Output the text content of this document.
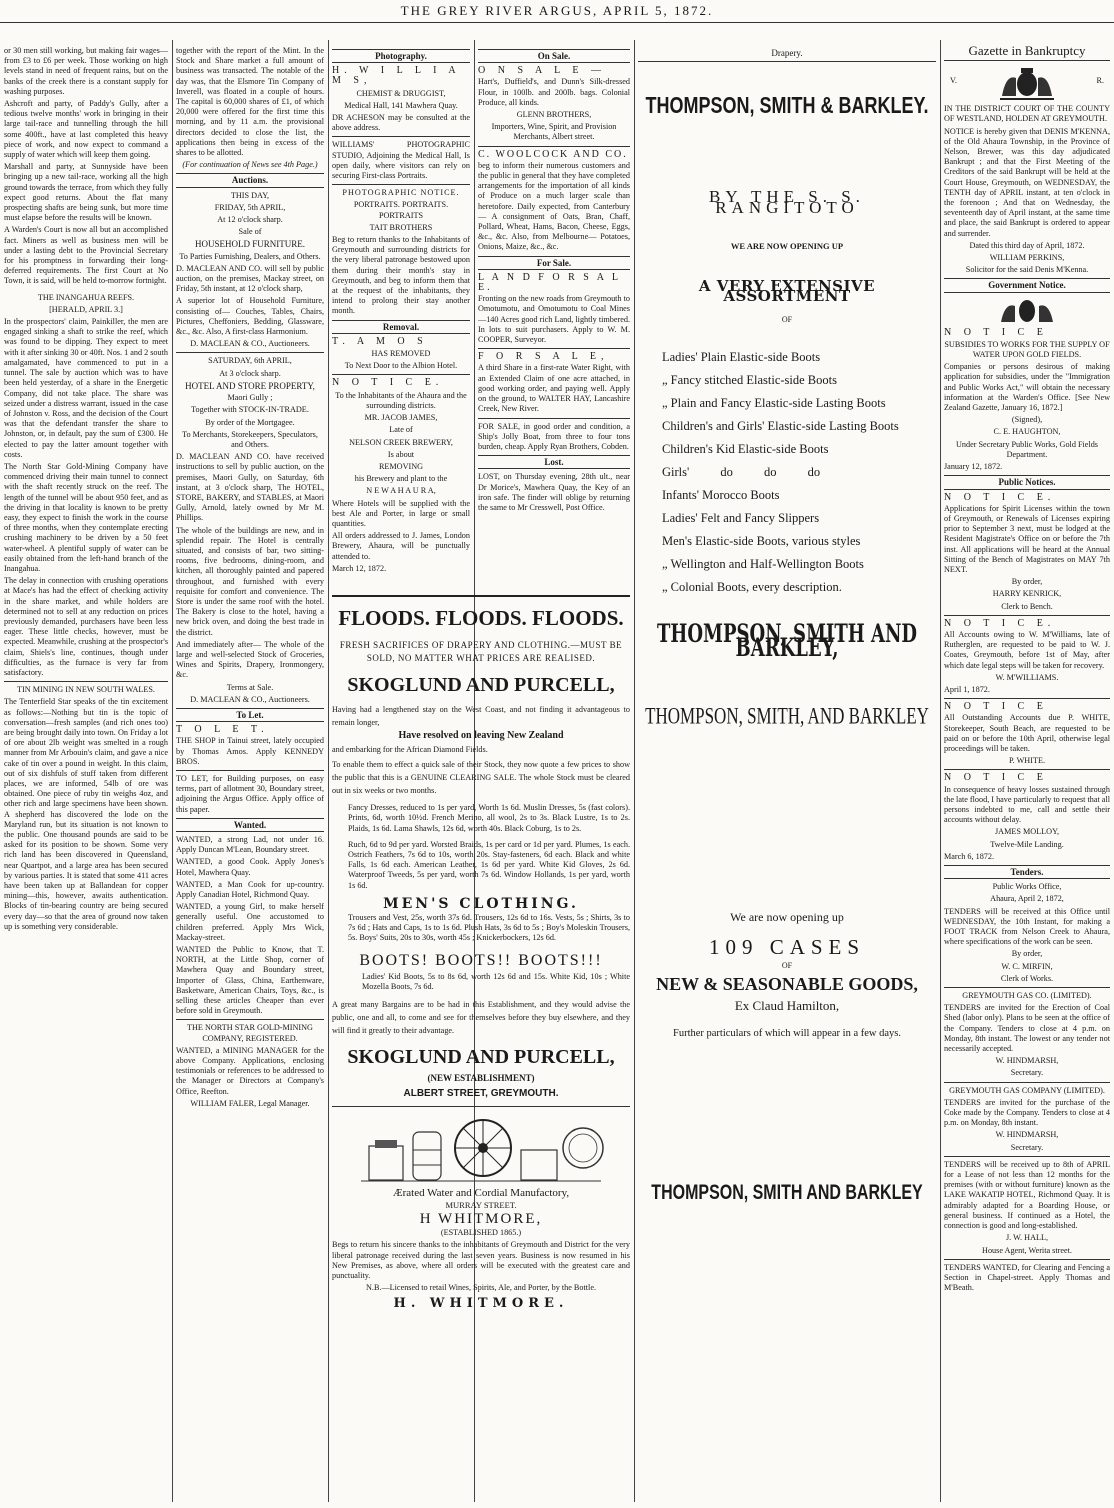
THE GREY RIVER ARGUS, APRIL 5, 1872.

or 30 men still working, but making fair wages—from £3 to £6 per week. Those working on high levels stand in need of frequent rains, but on the banks of the creek there is a constant supply for washing purposes.

Ashcroft and party, of Paddy's Gully, after a tedious twelve months' work in bringing in their large tail-race and tunnelling through the hill some 400ft., have at last completed this heavy piece of work, and now expect to command a supply of water which will keep them going.

Marshall and party, at Sunnyside have been bringing up a new tail-race, working all the high ground towards the terrace, from which they fully expect good returns. About the flat many prospecting shafts are being sunk, but more time must elapse before the results will be known.

A Warden's Court is now all but an accomplished fact. Miners as well as business men will be under a lasting debt to the Provincial Secretary for his promptness in forwarding their long-deferred requirements. The first Court at No Town, it is said, will be held to-morrow fortnight.

THE INANGAHUA REEFS.
[HERALD, APRIL 3.]

In the prospectors' claim, Painkiller, the men are engaged sinking a shaft to strike the reef, which was found to be dipping. They expect to meet with it after sinking 30 or 40ft. Nos. 1 and 2 south amalgamated, have commenced to put in a tunnel. The sale by auction which was to have been held yesterday, of a share in the Energetic Company, did not take place. The share was seized under a distress warrant, issued in the case of Johnston v. Ross, and the decision of the Court was that the defendant transfer the share to Johnston, or, in default, pay the sum of £300. He elected to pay the latter amount together with costs.

The North Star Gold-Mining Company have commenced driving their main tunnel to connect with the shaft recently struck on the reef. The length of the tunnel will be about 950 feet, and as the driving in that locality is known to be pretty easy, they expect to finish the work in the course of three months, when they contemplate erecting crushing machinery to be driven by a 50 feet water-wheel. A plentiful supply of water can be easily obtained from the left-hand branch of the Inangahua.

The delay in connection with crushing operations at Mace's has had the effect of checking activity in the share market, and while holders are determined not to sell at any reduction on prices previously demanded, purchasers have been less eager. These little checks, however, must be expected. Meanwhile, crushing at the prospector's claim, Shiels's line, continues, though under difficulties, as the furnace is very far from satisfactory.

TIN MINING IN NEW SOUTH WALES.

The Tenterfield Star speaks of the tin excitement as follows:—Nothing but tin is the topic of conversation—fresh samples (and rich ones too) are being brought daily into town. On Friday a lot of ore about 2lb weight was smelted in a rough manner from Mr Arbouin's claim, and gave a nice cake of tin over a pound in weight. In this claim, out of six dishfuls of stuff taken from different places, we are informed, 54lb of ore was obtained. One piece of ruby tin weighs 4oz, and other rich and large specimens have been shown. A shepherd has discovered the lode on the Maryland run, but its situation is not known to the public. One thousand pounds are said to be asked for its position to be shown. Some very rich land has been discovered in Queensland, near Quartpot, and a large area has been secured by various parties. It is stated that some 411 acres have been taken up at Ballandean for copper mining—this, however, awaits authentication. Blocks of tin-bearing country are being secured every day—so that the area of ground now taken up is something very considerable.

together with the report of the Mint. In the Stock and Share market a full amount of business was transacted. The notable of the day was, that the Elsmore Tin Company of Inverell, was floated in a couple of hours. The capital is 60,000 shares of £1, of which 20,000 were offered for the first time this morning, and by 11 a.m. the provisional directors decided to close the list, the applications then being in excess of the shares to be allotted.

(For continuation of News see 4th Page.)
Auctions.
THIS DAY,
FRIDAY, 5th APRIL,
At 12 o'clock sharp.
Sale of
HOUSEHOLD FURNITURE.
To Parties Furnishing, Dealers, and Others.

D. MACLEAN AND CO. will sell by public auction, on the premises, Mackay street, on Friday, 5th instant, at 12 o'clock sharp,

A superior lot of Household Furniture, consisting of— Couches, Tables, Chairs, Pictures, Cheffoniers, Bedding, Glassware, &c., &c. Also, A first-class Harmonium.

D. MACLEAN & CO., Auctioneers.
SATURDAY, 6th APRIL,
At 3 o'clock sharp.
HOTEL AND STORE PROPERTY,
Maori Gully ;
Together with STOCK-IN-TRADE.
By order of the Mortgagee.
To Merchants, Storekeepers, Speculators, and Others.

D. MACLEAN AND CO. have received instructions to sell by public auction, on the premises, Maori Gully, on Saturday, 6th instant, at 3 o'clock sharp, The HOTEL, STORE, BAKERY, and STABLES, at Maori Gully, Arnold, lately owned by Mr M. Phillips.

The whole of the buildings are new, and in splendid repair. The Hotel is centrally situated, and consists of bar, two sitting-rooms, five bedrooms, dining-room, and kitchen, all thoroughly painted and papered throughout, and furnished with every requisite for comfort and convenience. The Store is under the same roof with the hotel. The Bakery is close to the hotel, having a new brick oven, and doing the best trade in the district.

And immediately after— The whole of the large and well-selected Stock of Groceries, Wines and Spirits, Drapery, Ironmongery, &c.

Terms at Sale.
D. MACLEAN & CO., Auctioneers.
To Let.
T O L E T.

THE SHOP in Tainui street, lately occupied by Thomas Amos. Apply KENNEDY BROS.

TO LET, for Building purposes, on easy terms, part of allotment 30, Boundary street, adjoining the Argus Office. Apply office of this paper.

Wanted.

WANTED, a strong Lad, not under 16. Apply Duncan M'Lean, Boundary street.

WANTED, a good Cook. Apply Jones's Hotel, Mawhera Quay.

WANTED, a Man Cook for up-country. Apply Canadian Hotel, Richmond Quay.

WANTED, a young Girl, to make herself generally useful. One accustomed to children preferred. Apply Mrs Wick, Mackay-street.

WANTED the Public to Know, that T. NORTH, at the Little Shop, corner of Mawhera Quay and Boundary street, Importer of Glass, China, Earthenware, Basketware, American Chairs, Toys, &c., is selling these articles Cheaper than ever before sold in Greymouth.

THE NORTH STAR GOLD-MINING COMPANY, REGISTERED.

WANTED, a MINING MANAGER for the above Company. Applications, enclosing testimonials or references to be addressed to the Manager or Directors at Company's Office, Reefton.

WILLIAM FALER, Legal Manager.
Photography.
H. W I L L I A M S,
CHEMIST & DRUGGIST,
Medical Hall, 141 Mawhera Quay.

DR ACHESON may be consulted at the above address.

WILLIAMS' PHOTOGRAPHIC STUDIO, Adjoining the Medical Hall, Is open daily, where visitors can rely on securing First-class Portraits.

PHOTOGRAPHIC NOTICE.
PORTRAITS. PORTRAITS. PORTRAITS
TAIT BROTHERS

Beg to return thanks to the Inhabitants of Greymouth and surrounding districts for the very liberal patronage bestowed upon them during their month's stay in Greymouth, and beg to inform them that at the request of the inhabitants, they intend to prolong their stay another month.

Removal.
T. A M O S
HAS REMOVED
To Next Door to the Albion Hotel.
N O T I C E.
To the Inhabitants of the Ahaura and the surrounding districts.
MR. JACOB JAMES,
Late of
NELSON CREEK BREWERY,
Is about
REMOVING
his Brewery and plant to the
N E W A H A U R A,

Where Hotels will be supplied with the best Ale and Porter, in large or small quantities.

All orders addressed to J. James, London Brewery, Ahaura, will be punctually attended to.

March 12, 1872.
On Sale.
O N S A L E —

Hart's, Duffield's, and Dunn's Silk-dressed Flour, in 100lb. and 200lb. bags. Colonial Produce, all kinds.

GLENN BROTHERS,
Importers, Wine, Spirit, and Provision Merchants, Albert street.
C. WOOLCOCK AND CO.

beg to inform their numerous customers and the public in general that they have completed arrangements for the importation of all kinds of Produce on a much larger scale than heretofore. Daily expected, from Canterbury— A consignment of Oats, Bran, Chaff, Pollard, Wheat, Hams, Bacon, Cheese, Eggs, &c., &c. Also, from Melbourne— Potatoes, Onions, Maize, &c., &c.

For Sale.
L A N D F O R S A L E.

Fronting on the new roads from Greymouth to Omotumotu, and Omotumotu to Coal Mines—140 Acres good rich Land, lightly timbered. In lots to suit purchasers. Apply to W. M. COOPER, Surveyor.

F O R S A L E,

A third Share in a first-rate Water Right, with an Extended Claim of one acre attached, in good working order, and paying well. Apply on the ground, to WALTER HAY, Lancashire Creek, New River.

FOR SALE, in good order and condition, a Ship's Jolly Boat, from three to four tons burden, cheap. Apply Ryan Brothers, Cobden.

Lost.

LOST, on Thursday evening, 28th ult., near Dr Morice's, Mawhera Quay, the Key of an iron safe. The finder will oblige by returning the same to Mr Cresswell, Post Office.

FLOODS. FLOODS. FLOODS.
FRESH SACRIFICES OF DRAPERY AND CLOTHING.—MUST BE SOLD, NO MATTER WHAT PRICES ARE REALISED.
SKOGLUND AND PURCELL,

Having had a lengthened stay on the West Coast, and not finding it advantageous to remain longer,

Have resolved on leaving New Zealand

and embarking for the African Diamond Fields.

To enable them to effect a quick sale of their Stock, they now quote a few prices to show the public that this is a GENUINE CLEARING SALE. The whole Stock must be cleared out in six weeks or two months.

Fancy Dresses, reduced to 1s per yard, Worth 1s 6d. Muslin Dresses, 5s (fast colors). Prints, 6d, worth 10½d. French Merino, all wool, 2s to 3s. Black Lustre, 1s to 2s. Plaids, 1s 6d. Lama Shawls, 12s 6d, worth 40s. Black Coburg, 1s to 2s.

Ruch, 6d to 9d per yard. Worsted Braids, 1s per card or 1d per yard. Plumes, 1s each. Ostrich Feathers, 7s 6d to 10s, worth 20s. Stay-fasteners, 6d each. Black and white Falls, 1s 6d each. American Leather, 1s 6d per yard. White Kid Gloves, 2s 6d. Waterproof Tweeds, 5s per yard, worth 7s 6d. Window Hollands, 1s per yard, worth 1s 6d.

MEN'S CLOTHING.

Trousers and Vest, 25s, worth 37s 6d. Trousers, 12s 6d to 16s. Vests, 5s ; Shirts, 3s to 7s 6d ; Hats and Caps, 1s to 1s 6d. Plush Hats, 3s 6d to 5s ; Boy's Moleskin Trousers, 5s. Boys' Suits, 20s to 30s, worth 45s ; Knickerbockers, 12s 6d.

BOOTS! BOOTS!! BOOTS!!!

Ladies' Kid Boots, 5s to 8s 6d, worth 12s 6d and 15s. White Kid, 10s ; White Mozella Boots, 7s 6d.

A great many Bargains are to be had in this Establishment, and they would advise the public, one and all, to come and see for themselves before they buy elsewhere, and they will find it greatly to their advantage.

SKOGLUND AND PURCELL,
(NEW ESTABLISHMENT)
ALBERT STREET, GREYMOUTH.
Ærated Water and Cordial Manufactory,
MURRAY STREET.
H WHITMORE,
(ESTABLISHED 1865.)

Begs to return his sincere thanks to the inhabitants of Greymouth and District for the very liberal patronage received during the last seven years. Business is now resumed in his New Premises, as above, where all orders will be executed with the greatest care and punctuality.

N.B.—Licensed to retail Wines, Spirits, Ale, and Porter, by the Bottle.
H. WHITMORE.
Drapery.
THOMPSON, SMITH & BARKLEY.
BY THE S. S. RANGITOTO
WE ARE NOW OPENING UP
A VERY EXTENSIVE ASSORTMENT
OF
Ladies' Plain Elastic-side Boots
„ Fancy stitched Elastic-side Boots
„ Plain and Fancy Elastic-side Lasting Boots
Children's and Girls' Elastic-side Lasting Boots
Children's Kid Elastic-side Boots
Girls' do do do
Infants' Morocco Boots
Ladies' Felt and Fancy Slippers
Men's Elastic-side Boots, various styles
„ Wellington and Half-Wellington Boots
„ Colonial Boots, every description.
THOMPSON, SMITH AND BARKLEY,
THOMPSON, SMITH, AND BARKLEY
We are now opening up
109 CASES
OF
NEW & SEASONABLE GOODS,
Ex Claud Hamilton,
Further particulars of which will appear in a few days.
THOMPSON, SMITH AND BARKLEY
Gazette in Bankruptcy
V.	R.

IN THE DISTRICT COURT OF THE COUNTY OF WESTLAND, HOLDEN AT GREYMOUTH.

NOTICE is hereby given that DENIS M'KENNA, of the Old Ahaura Township, in the Province of Nelson, Brewer, was this day adjudicated Bankrupt ; and that the First Meeting of the Creditors of the said Bankrupt will be held at the Court House, Greymouth, on WEDNESDAY, the TENTH day of APRIL instant, at ten o'clock in the forenoon ; And that on Wednesday, the seventeenth day of April instant, at the same time and place, the said Bankrupt is ordered to appear and surrender.

Dated this third day of April, 1872.
WILLIAM PERKINS,
Solicitor for the said Denis M'Kenna.
Government Notice.
N O T I C E
SUBSIDIES TO WORKS FOR THE SUPPLY OF WATER UPON GOLD FIELDS.

Companies or persons desirous of making application for subsidies, under the "Immigration and Public Works Act," will obtain the necessary information at the Warden's Office. [See New Zealand Gazette, January 16, 1872.]

(Signed),
C. E. HAUGHTON,
Under Secretary Public Works, Gold Fields Department.
January 12, 1872.
Public Notices.
N O T I C E.

Applications for Spirit Licenses within the town of Greymouth, or Renewals of Licenses expiring prior to September 3 next, must be lodged at the Resident Magistrate's Office on or before the 7th inst. All applications will be heard at the Annual Sitting of the Bench of Magistrates on MAY 7th NEXT.

By order,
HARRY KENRICK,
Clerk to Bench.
N O T I C E.

All Accounts owing to W. M'Williams, late of Rutherglen, are requested to be paid to W. J. Coates, Greymouth, before 1st of May, after which date legal steps will be taken for recovery.

W. M'WILLIAMS.
April 1, 1872.
N O T I C E

All Outstanding Accounts due P. WHITE, Storekeeper, South Beach, are requested to be paid on or before the 10th April, otherwise legal proceedings will be taken.

P. WHITE.
N O T I C E

In consequence of heavy losses sustained through the late flood, I have particularly to request that all persons indebted to me, call and settle their accounts without delay.

JAMES MOLLOY,
Twelve-Mile Landing.
March 6, 1872.
Tenders.
Public Works Office,
Ahaura, April 2, 1872,

TENDERS will be received at this Office until WEDNESDAY, the 10th Instant, for making a FOOT TRACK from Nelson Creek to Ahaura, where specifications of the work can be seen.

By order,
W. C. MIRFIN,
Clerk of Works.
GREYMOUTH GAS CO. (LIMITED).

TENDERS are invited for the Erection of Coal Shed (labor only). Plans to be seen at the office of the Company. Tenders to close at 4 p.m. on Monday, 8th instant. The lowest or any tender not necessarily accepted.

W. HINDMARSH,
Secretary.
GREYMOUTH GAS COMPANY (LIMITED).

TENDERS are invited for the purchase of the Coke made by the Company. Tenders to close at 4 p.m. on Monday, 8th instant.

W. HINDMARSH,
Secretary.

TENDERS will be received up to 8th of APRIL for a Lease of not less than 12 months for the premises (with or without furniture) known as the LAKE WAKATIP HOTEL, Richmond Quay. It is admirably adapted for a Boarding House, or general business. If continued as a Hotel, the connection is good and long-established.

J. W. HALL,
House Agent, Werita street.

TENDERS WANTED, for Clearing and Fencing a Section in Chapel-street. Apply Thomas and M'Beath.
